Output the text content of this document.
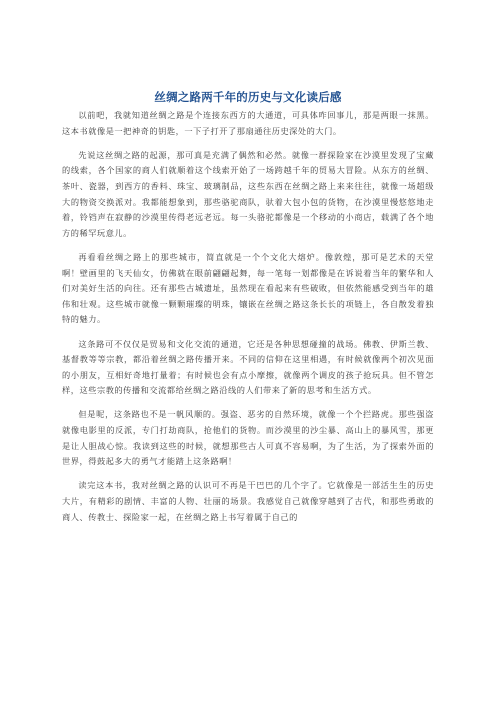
丝绸之路两千年的历史与文化读后感

以前吧，我就知道丝绸之路是个连接东西方的大通道，可具体咋回事儿，那是两眼一抹黑。这本书就像是一把神奇的钥匙，一下子打开了那扇通往历史深处的大门。

先说这丝绸之路的起源，那可真是充满了偶然和必然。就像一群探险家在沙漠里发现了宝藏的线索，各个国家的商人们就顺着这个线索开始了一场跨越千年的贸易大冒险。从东方的丝绸、茶叶、瓷器，到西方的香料、珠宝、玻璃制品，这些东西在丝绸之路上来来往往，就像一场超级大的物资交换派对。我都能想象到，那些骆驼商队，驮着大包小包的货物，在沙漠里慢悠悠地走着，铃铛声在寂静的沙漠里传得老远老远。每一头骆驼都像是一个移动的小商店，载满了各个地方的稀罕玩意儿。

再看看丝绸之路上的那些城市，简直就是一个个文化大熔炉。像敦煌，那可是艺术的天堂啊！壁画里的飞天仙女，仿佛就在眼前翩翩起舞，每一笔每一划都像是在诉说着当年的繁华和人们对美好生活的向往。还有那些古城遗址，虽然现在看起来有些破败，但依然能感受到当年的雄伟和壮观。这些城市就像一颗颗璀璨的明珠，镶嵌在丝绸之路这条长长的项链上，各自散发着独特的魅力。

这条路可不仅仅是贸易和文化交流的通道，它还是各种思想碰撞的战场。佛教、伊斯兰教、基督教等等宗教，都沿着丝绸之路传播开来。不同的信仰在这里相遇，有时候就像两个初次见面的小朋友，互相好奇地打量着；有时候也会有点小摩擦，就像两个调皮的孩子抢玩具。但不管怎样，这些宗教的传播和交流都给丝绸之路沿线的人们带来了新的思考和生活方式。

但是呢，这条路也不是一帆风顺的。强盗、恶劣的自然环境，就像一个个拦路虎。那些强盗就像电影里的反派，专门打劫商队，抢他们的货物。而沙漠里的沙尘暴、高山上的暴风雪，那更是让人胆战心惊。我读到这些的时候，就想那些古人可真不容易啊，为了生活，为了探索外面的世界，得鼓起多大的勇气才能踏上这条路啊！

读完这本书，我对丝绸之路的认识可不再是干巴巴的几个字了。它就像是一部活生生的历史大片，有精彩的剧情、丰富的人物、壮丽的场景。我感觉自己就像穿越到了古代，和那些勇敢的商人、传教士、探险家一起，在丝绸之路上书写着属于自己的
